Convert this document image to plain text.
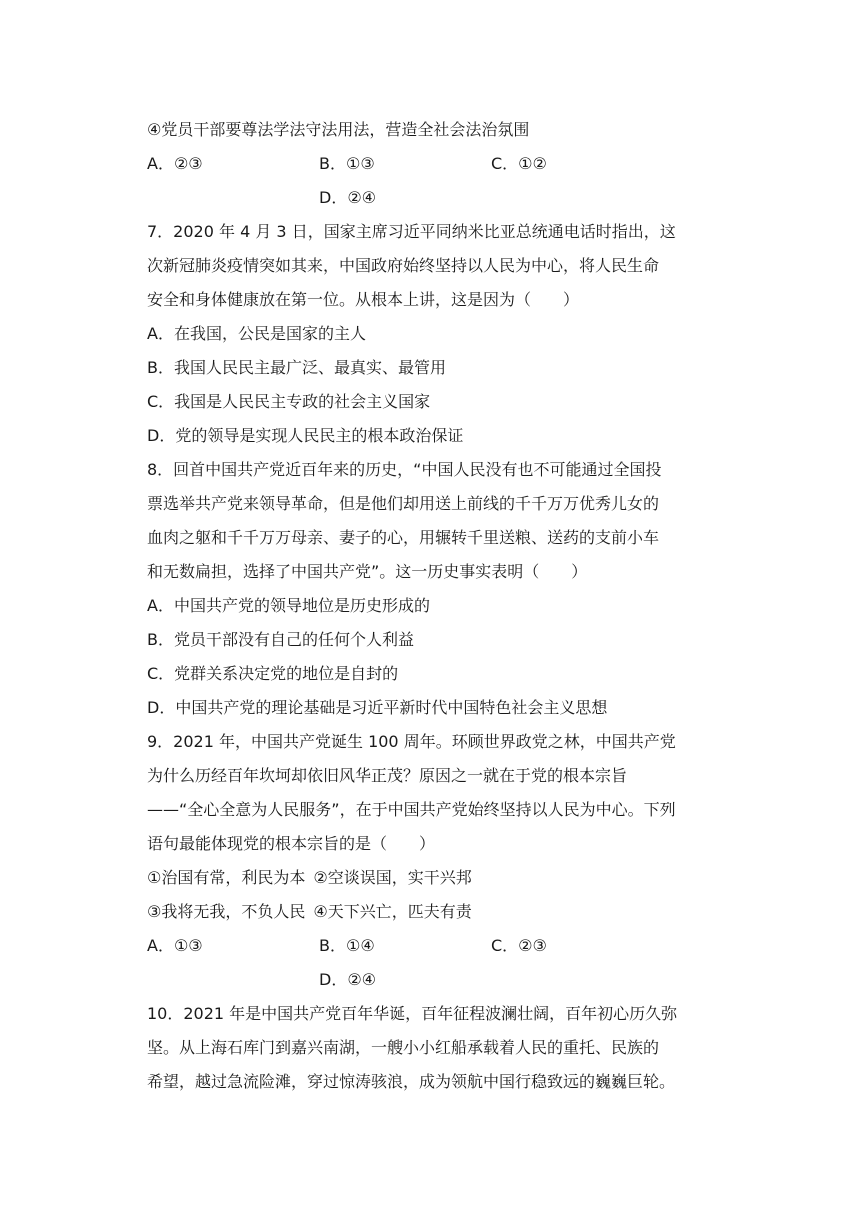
④党员干部要尊法学法守法用法，营造全社会法治氛围
A．②③	B．①③	C．①②
D．②④
7．2020 年 4 月 3 日，国家主席习近平同纳米比亚总统通电话时指出，这
次新冠肺炎疫情突如其来，中国政府始终坚持以人民为中心，将人民生命
安全和身体健康放在第一位。从根本上讲，这是因为（　　）
A．在我国，公民是国家的主人
B．我国人民民主最广泛、最真实、最管用
C．我国是人民民主专政的社会主义国家
D．党的领导是实现人民民主的根本政治保证
8．回首中国共产党近百年来的历史，“中国人民没有也不可能通过全国投
票选举共产党来领导革命，但是他们却用送上前线的千千万万优秀儿女的
血肉之躯和千千万万母亲、妻子的心，用辗转千里送粮、送药的支前小车
和无数扁担，选择了中国共产党”。这一历史事实表明（　　）
A．中国共产党的领导地位是历史形成的
B．党员干部没有自己的任何个人利益
C．党群关系决定党的地位是自封的
D．中国共产党的理论基础是习近平新时代中国特色社会主义思想
9．2021 年，中国共产党诞生 100 周年。环顾世界政党之林，中国共产党
为什么历经百年坎坷却依旧风华正茂？原因之一就在于党的根本宗旨
——“全心全意为人民服务”，在于中国共产党始终坚持以人民为中心。下列
语句最能体现党的根本宗旨的是（　　）
①治国有常，利民为本 ②空谈误国，实干兴邦
③我将无我，不负人民 ④天下兴亡，匹夫有责
A．①③	B．①④	C．②③
D．②④
10．2021 年是中国共产党百年华诞，百年征程波澜壮阔，百年初心历久弥
坚。从上海石库门到嘉兴南湖，一艘小小红船承载着人民的重托、民族的
希望，越过急流险滩，穿过惊涛骇浪，成为领航中国行稳致远的巍巍巨轮。
